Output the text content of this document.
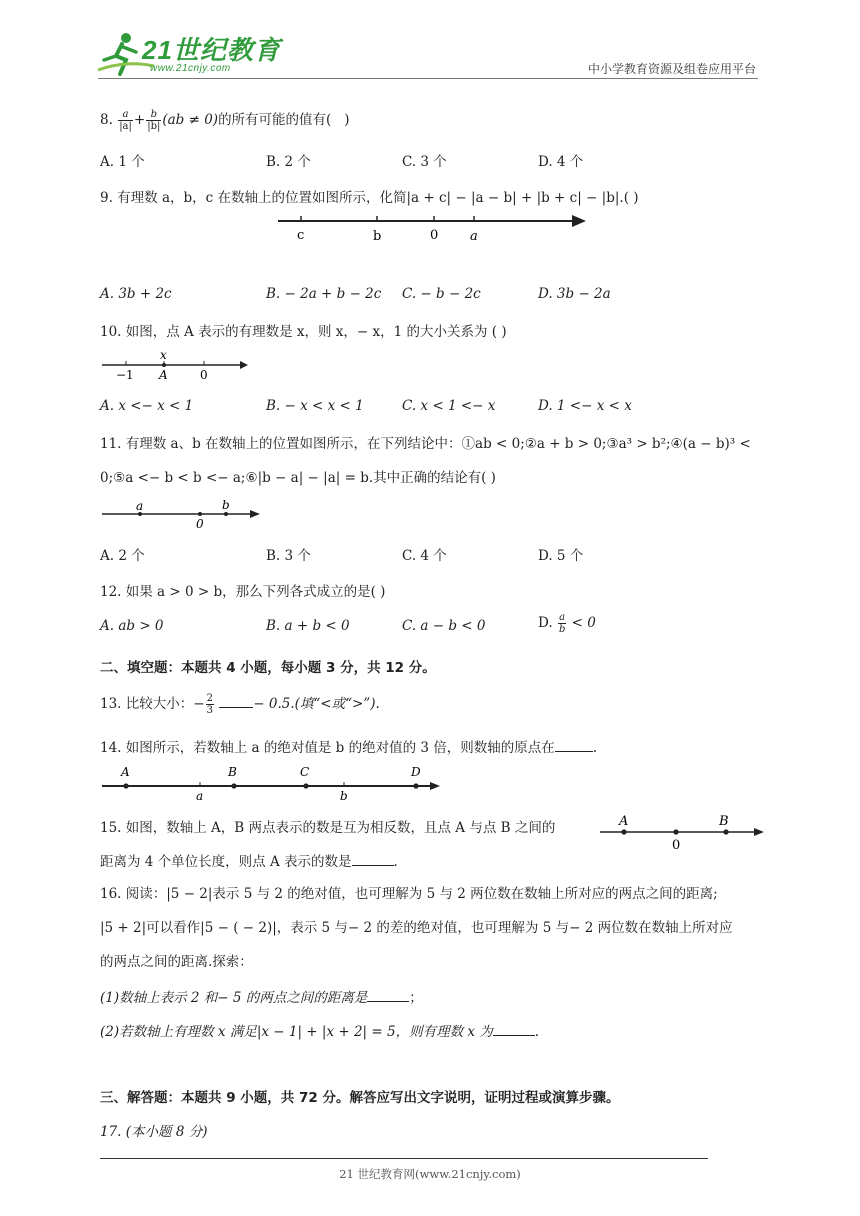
21世纪教育
www.21cnjy.com	中小学教育资源及组卷应用平台
8. $\frac{a}{|a|} + \frac{b}{|b|} (ab \ne 0)$的所有可能的值有( )
A. 1 个	B. 2 个	C. 3 个	D. 4 个
9. 有理数 a，b，c 在数轴上的位置如图所示，化简|a + c| − |a − b| + |b + c| − |b|.( )
c	b	0 a
A. 3b + 2c	B. − 2a + b − 2c C. − b − 2c	D. 3b − 2a
10. 如图，点 A 表示的有理数是 x，则 x，− x，1 的大小关系为 ( )
−1 A	0
x
A. x <− x < 1	B. − x < x < 1	C. x < 1 <− x	D. 1 <− x < x
11. 有理数 a、b 在数轴上的位置如图所示，在下列结论中：①ab < 0;②a + b > 0;③a³ > b²;④(a − b)³ <
0;⑤a <− b < b <− a;⑥|b − a| − |a| = b.其中正确的结论有( )
a	b
0
A. 2 个	B. 3 个	C. 4 个	D. 5 个
12. 如果 a > 0 > b，那么下列各式成立的是( )
A. ab > 0	B. a + b < 0	C. a − b < 0	D. $\frac{a}{b} < 0$
二、填空题：本题共 4 小题，每小题 3 分，共 12 分。
13. 比较大小：− $\frac{2}{3}$	− 0.5.(填“<或“>”).
14. 如图所示，若数轴上 a 的绝对值是 b 的绝对值的 3 倍，则数轴的原点在	.
A	B	C	D
a	b
15. 如图，数轴上 A，B 两点表示的数是互为相反数，且点 A 与点 B 之间的
距离为 4 个单位长度，则点 A 表示的数是	.
A
0
B
16. 阅读：|5 − 2|表示 5 与 2 的绝对值，也可理解为 5 与 2 两位数在数轴上所对应的两点之间的距离;
|5 + 2|可以看作|5 − ( − 2)|，表示 5 与− 2 的差的绝对值，也可理解为 5 与− 2 两位数在数轴上所对应
的两点之间的距离.探索：
(1)数轴上表示 2 和− 5 的两点之间的距离是	；
(2)若数轴上有理数 x 满足|x − 1| + |x + 2| = 5，则有理数 x 为	.
三、解答题：本题共 9 小题，共 72 分。解答应写出文字说明，证明过程或演算步骤。
17. (本小题 8 分)
21 世纪教育网(www.21cnjy.com)
